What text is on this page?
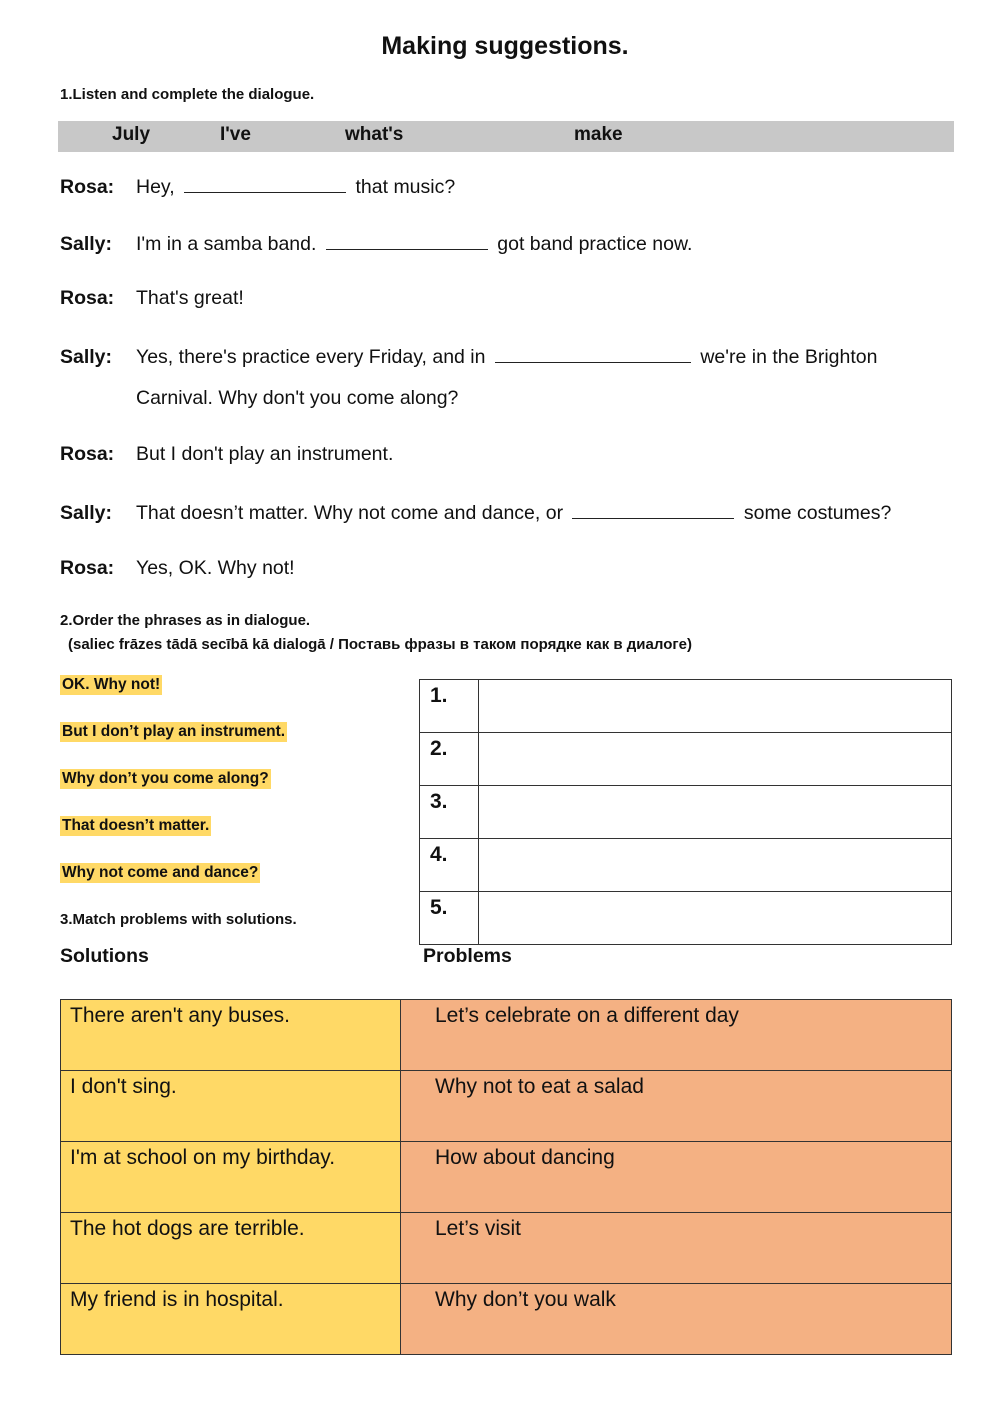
Making suggestions.
1.Listen and complete the dialogue.
July	I've	what's	make
Rosa: Hey,	that music?
Sally: I'm in a samba band.	got band practice now.
Rosa: That's great!
Sally: Yes, there's practice every Friday, and in	we're in the Brighton
Carnival. Why don't you come along?
Rosa: But I don't play an instrument.
Sally: That doesn’t matter. Why not come and dance, or	some costumes?
Rosa: Yes, OK. Why not!
2.Order the phrases as in dialogue.
(saliec frāzes tādā secībā kā dialogā / Поставь фразы в таком порядке как в диалоге)
OK. Why not!
But I don’t play an instrument.
Why don’t you come along?
That doesn’t matter.
Why not come and dance?
1.	
2.	
3.	
4.	
5.	
3.Match problems with solutions.
Solutions	Problems
There aren't any buses.	Let’s celebrate on a different day
I don't sing.	Why not to eat a salad
I'm at school on my birthday.	How about dancing
The hot dogs are terrible.	Let’s visit
My friend is in hospital.	Why don’t you walk
